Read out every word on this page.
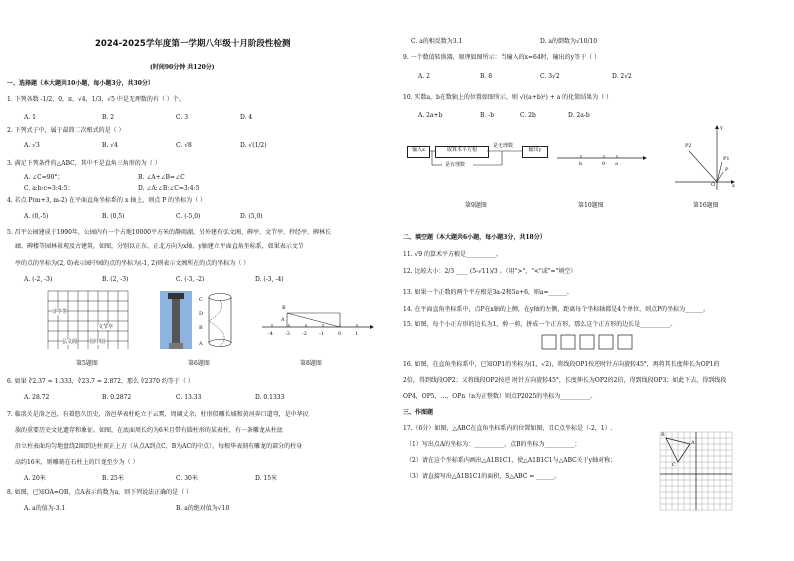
2024-2025学年度第一学期八年级十月阶段性检测
(时间90分钟 共120分)
一、选择题（本大题共10小题，每小题3分，共30分）
1. 下列各数 -1/2，0，π，√4，1/3，√5 中是无理数的有（ ）个。
A. 1	B. 2	C. 3	D. 4
2. 下列式子中，属于最简二次根式的是（ ）
A. √3	B. √4	C. √8	D. √(1/2)
3. 满足下列条件的△ABC，其中不是直角三角形的为（ ）
A. ∠C=90°；	B. ∠A+∠B=∠C
C. a:b:c=3:4:5；	D. ∠A:∠B:∠C=3:4:5
4. 若点 P(m+3, m-2) 在平面直角坐标系的 x 轴上，则点 P 的坐标为（ ）
A. (0,-5)	B. (0,5)	C. (-5,0)	D. (5,0)
5. 昌平公园建成于1990年，公园内有一个占地10000平方米的静雨湖，另外建有弘文阁、碑亭、文节亭、抄经亭、碑林长
廊、碑楼等园林景观及古建筑。如图，分别以正东、正北方向为x轴、y轴建立平面直角坐标系，如果表示文节
亭的点的坐标为(2, 0)表示园中园的点的坐标为(-1, 2)则表示文阁所在的点的坐标为（ ）
A. (-2, -3)	B. (2, -3)	C. (-3, -2)	D. (-3, -4)
诗亭等
文节亭
弘文阁	园中园
第5题图
C
D
B
A
第6题图
-4 -3 -2 -1	0	1
A
B
第8题图
6. 如果 ∛2.37 ≈ 1.333，∛23.7 ≈ 2.872，那么 ∛2370 约等于（ ）
A. 28.72	B. 0.2872	C. 13.33	D. 0.1333
7. 临洺关是洛之邑，有着悠久历史，洛邑华表柱屹立于云霄，周阔丈余，柱形似雕长城和黄河奔口道弯，是中华民
族的重要历史文化遗存和象征。如图，在底面周长约为6米且带有圆柱形的某表柱，有一条雕龙从柱底
沿立柱表面均匀地盘绕2圈到达柱顶正上方（从点A到点C，B为AC的中点），每根华表刻有雕龙的部分的柱身
高约16米，则雕刻在石柱上的巨龙至少为（ ）
A. 20米	B. 25米	C. 30米	D. 15米
8. 如图，已知OA=OB，点A表示的数为a，则下列说法正确的是（ ）
A. a的值为-3.1	B. a的绝对值为√10
C. a的相反数为3.1	D. a的倒数为√10/10
9. 一个数值转换器，原理如图所示：当输入的x=64时，输出的y等于（ ）
A. 2	B. 8	C. 3√2	D. 2√2
10. 实数a，b在数轴上的位置如图所示，则 √((a+b)²) + a 的化简结果为（ ）
A. 2a+b	B. -b	C. 2b	D. 2a-b
输入x	取算术平方根
是无理数
输出y
是有理数
第9题图
b	0 a
第10题图
P2
P1
P
O	x
y
第16题图
二、填空题（本大题共6小题，每小题3分，共18分）
11. √9 的算术平方根是__________。
12. 比较大小：2/3 ____ (5-√11)/3 。（用">"、"<"或"="填空）
13. 如果一个正数的两个平方根是3a-2和5a+6，则a=______。
14. 在平面直角坐标系中，点P在x轴的上侧，在y轴的左侧，距离每个坐标轴都是4个单位，则点P的坐标为______。
15. 如图，每个小正方形的边长为1，剪一剪，拼成一个正方形，那么这个正方形的边长是__________。
16. 如图，在直角坐标系中，已知OP1的坐标为(1，√2)，将线段OP1按逆时针方向旋转45°，再将其长度伸长为OP1的
2倍，得到线段OP2；又将线段OP2按逆 时针方向旋转45°，长度伸长为OP2的2倍，得到线段OP3；如此下去，得到线段
OP4，OP5，...，OPn（n为正整数）则点P2025的坐标为__________。
三、作图题
17.（6分）如图，△ABC在直角坐标系内的位置如图，且C点坐标是（-2，1）.
（1）写出点A的坐标为：__________，点B的坐标为__________；
（2）请在这个坐标系内画出△A1B1C1，使△A1B1C1与△ABC关于y轴对称；
（3）请直接写出△A1B1C1的面积，S△ABC = ______。
B
C
A
